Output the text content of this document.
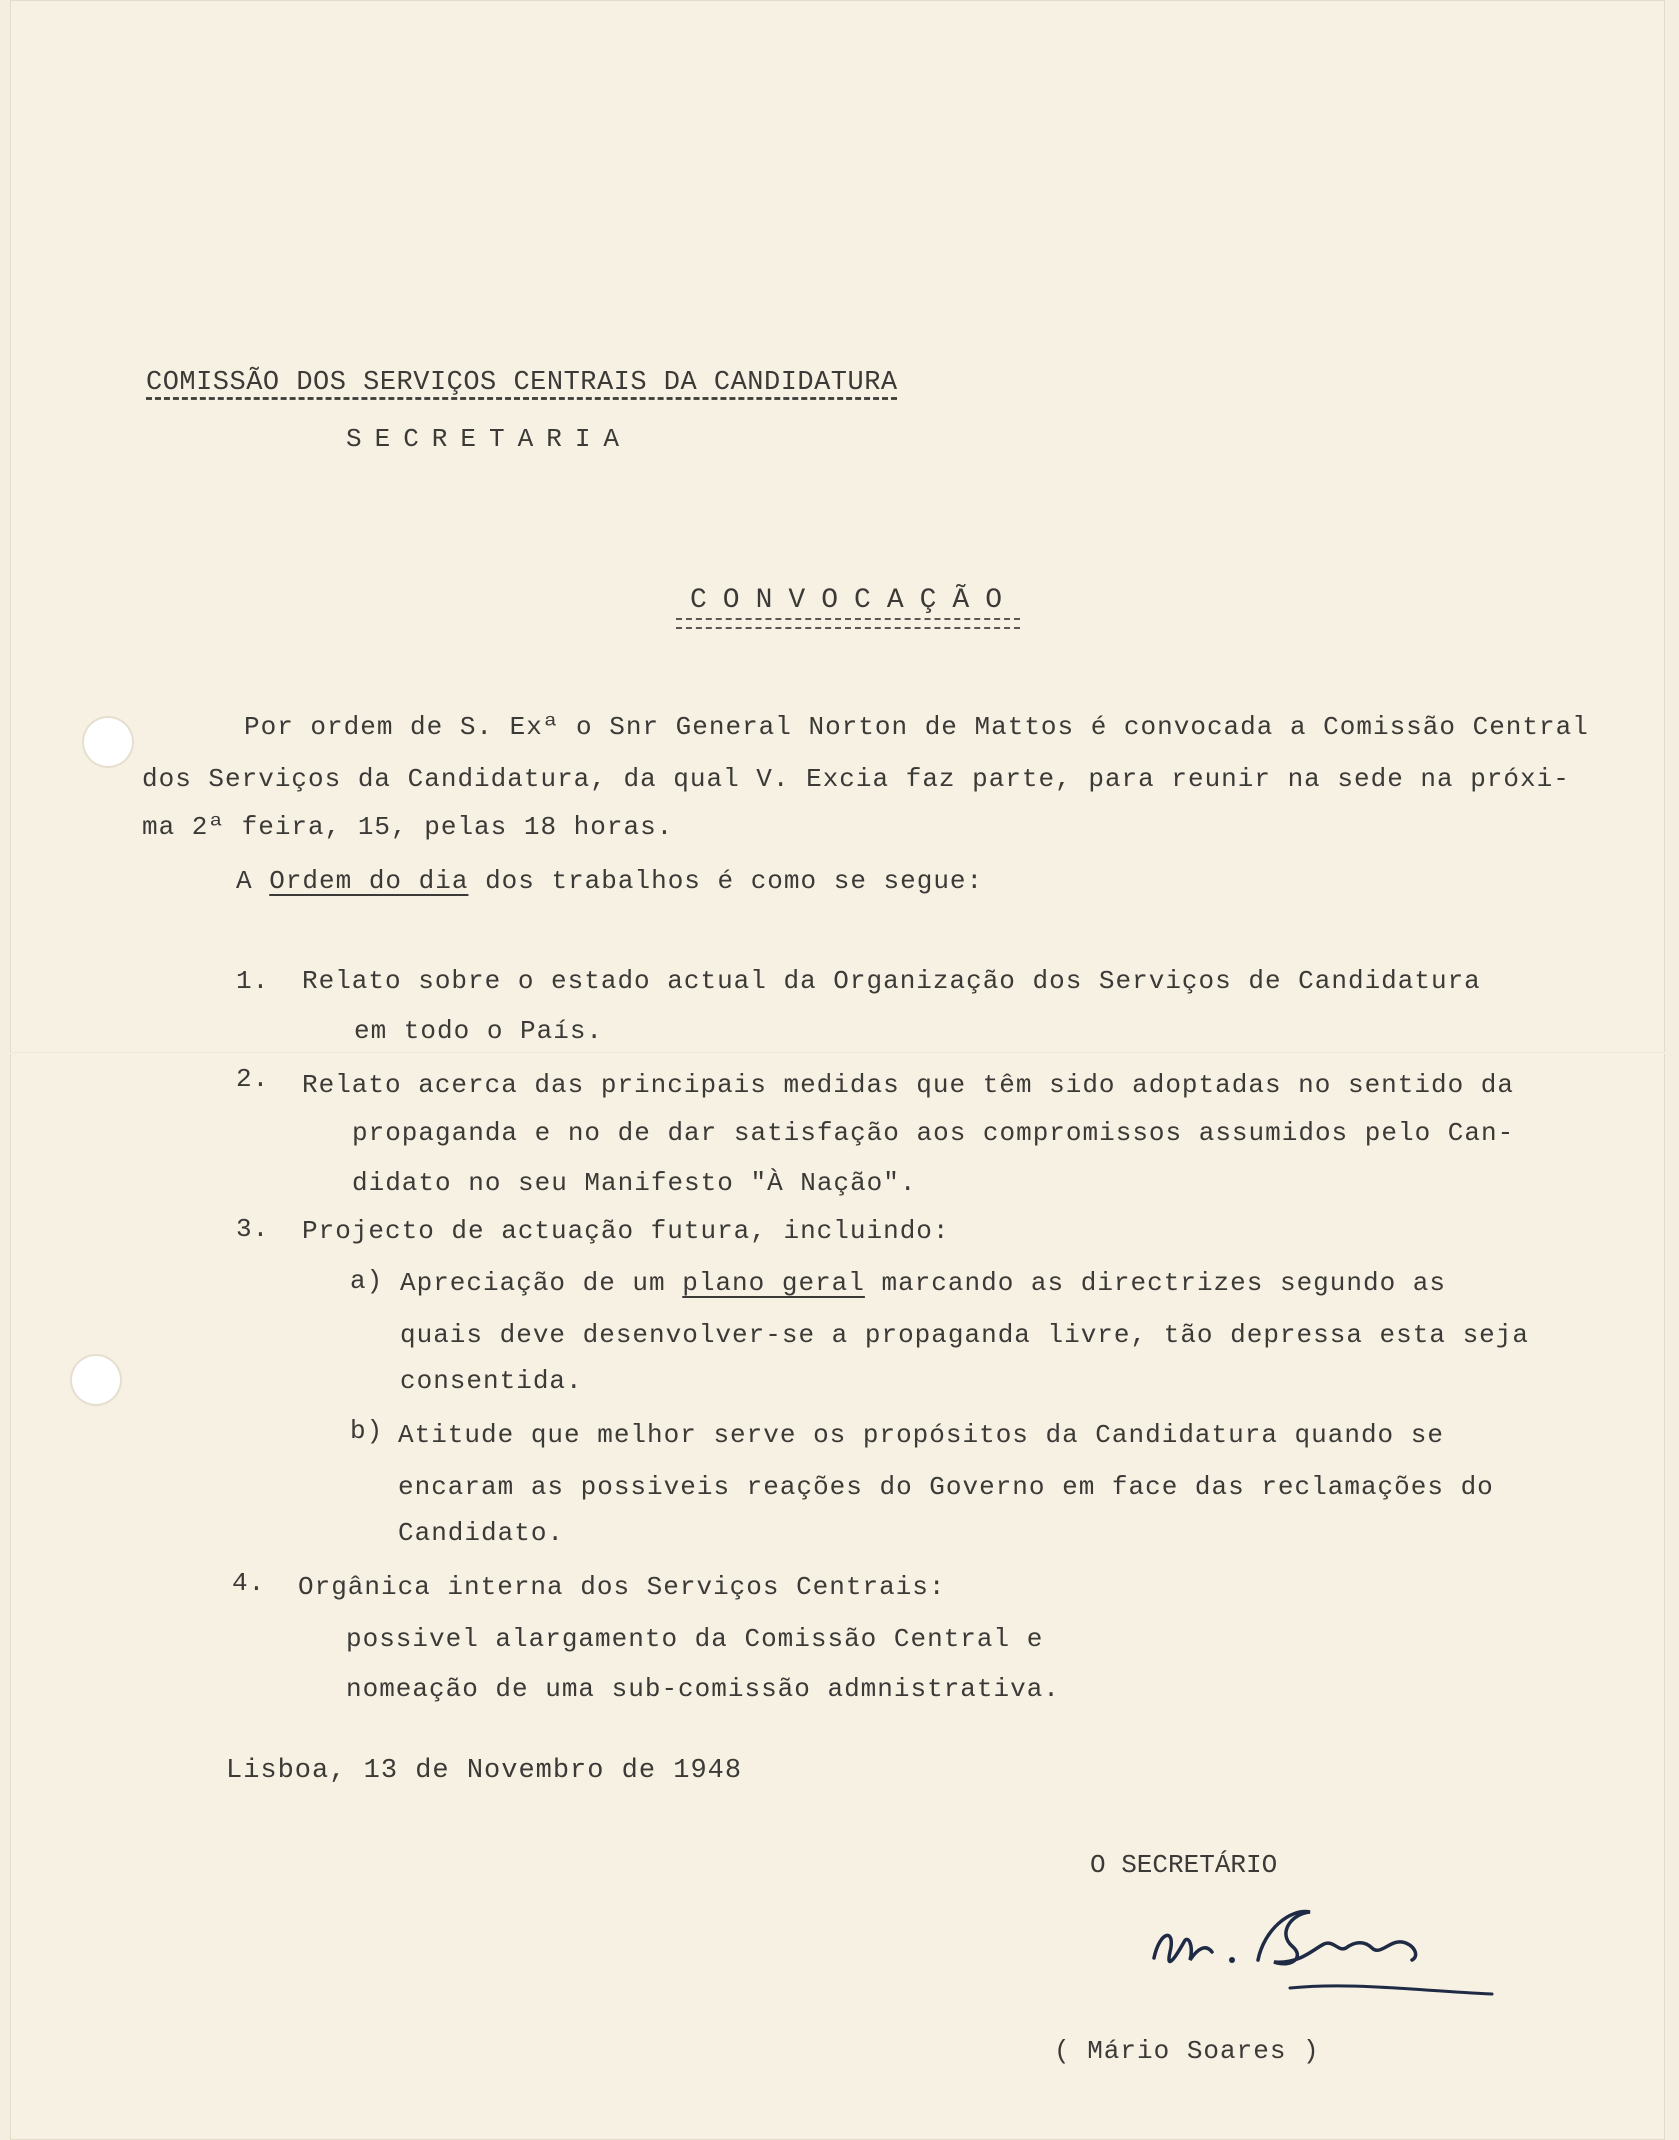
COMISSÃO DOS SERVIÇOS CENTRAIS DA CANDIDATURA
SECRETARIA
CONVOCAÇÃO
Por ordem de S. Exª o Snr General Norton de Mattos é convocada a Comissão Central
dos Serviços da Candidatura, da qual V. Excia faz parte, para reunir na sede na próxi-
ma 2ª feira, 15, pelas 18 horas.
A Ordem do dia dos trabalhos é como se segue:
1. Relato sobre o estado actual da Organização dos Serviços de Candidatura
em todo o País.
2. Relato acerca das principais medidas que têm sido adoptadas no sentido da
propaganda e no de dar satisfação aos compromissos assumidos pelo Can-
didato no seu Manifesto "À Nação".
3. Projecto de actuação futura, incluindo:
a) Apreciação de um plano geral marcando as directrizes segundo as
quais deve desenvolver-se a propaganda livre, tão depressa esta seja
consentida.
b) Atitude que melhor serve os propósitos da Candidatura quando se
encaram as possiveis reações do Governo em face das reclamações do
Candidato.
4. Orgânica interna dos Serviços Centrais:
possivel alargamento da Comissão Central e
nomeação de uma sub-comissão admnistrativa.
Lisboa, 13 de Novembro de 1948
O SECRETÁRIO
( Mário Soares )
